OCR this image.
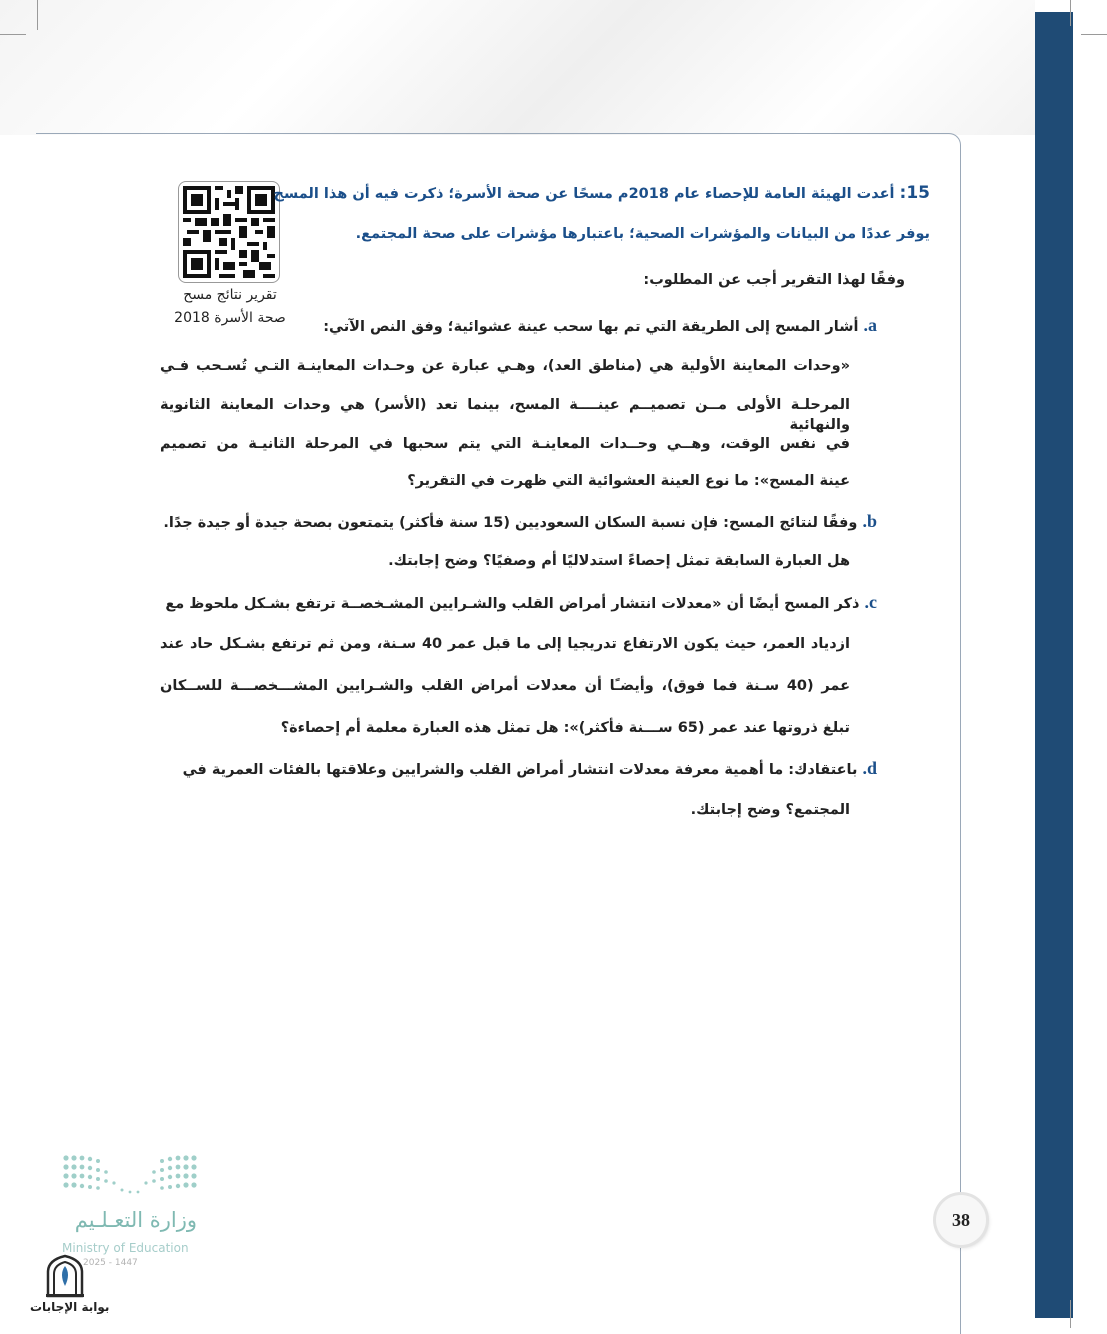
تقرير نتائج مسح
صحة الأسرة 2018
15: أعدت الهيئة العامة للإحصاء عام 2018م مسحًا عن صحة الأسرة؛ ذكرت فيه أن هذا المسح
يوفر عددًا من البيانات والمؤشرات الصحية؛ باعتبارها مؤشرات على صحة المجتمع.
وفقًا لهذا التقرير أجب عن المطلوب:
a. أشار المسح إلى الطريقة التي تم بها سحب عينة عشوائية؛ وفق النص الآتي:
«وحدات المعاينة الأولية هي (مناطق العد)، وهـي عبارة عن وحـدات المعاينـة التـي تُسـحب فـي
المرحلـة الأولى مــن تصميــم عينــــة المسح، بينما تعد (الأسر) هي وحدات المعاينة الثانوية والنهائية
في نفس الوقت، وهــي وحــدات المعاينـة التي يتم سحبها في المرحلة الثانيـة من تصميم
عينة المسح»: ما نوع العينة العشوائية التي ظهرت في التقرير؟
b. وفقًا لنتائج المسح: فإن نسبة السكان السعوديين (15 سنة فأكثر) يتمتعون بصحة جيدة أو جيدة جدًا.
هل العبارة السابقة تمثل إحصاءً استدلاليًا أم وصفيًا؟ وضح إجابتك.
c. ذكر المسح أيضًا أن «معدلات انتشار أمراض القلب والشـرايين المشـخصــة ترتفع بشـكل ملحوظ مع
ازدياد العمر، حيث يكون الارتفاع تدريجيا إلى ما قبل عمر 40 سـنة، ومن ثم ترتفع بشـكل حاد عند
عمر (40 سـنة فما فوق)، وأيضـًا أن معدلات أمراض القلب والشـرايين المشـــخصـــة للســكان
تبلغ ذروتها عند عمر (65 ســـنة فأكثر)»: هل تمثل هذه العبارة معلمة أم إحصاءة؟
d. باعتقادك: ما أهمية معرفة معدلات انتشار أمراض القلب والشرايين وعلاقتها بالفئات العمرية في
المجتمع؟ وضح إجابتك.
38
وزارة التعـلـيم
Ministry of Education
2025 - 1447
بوابة الإجابات
